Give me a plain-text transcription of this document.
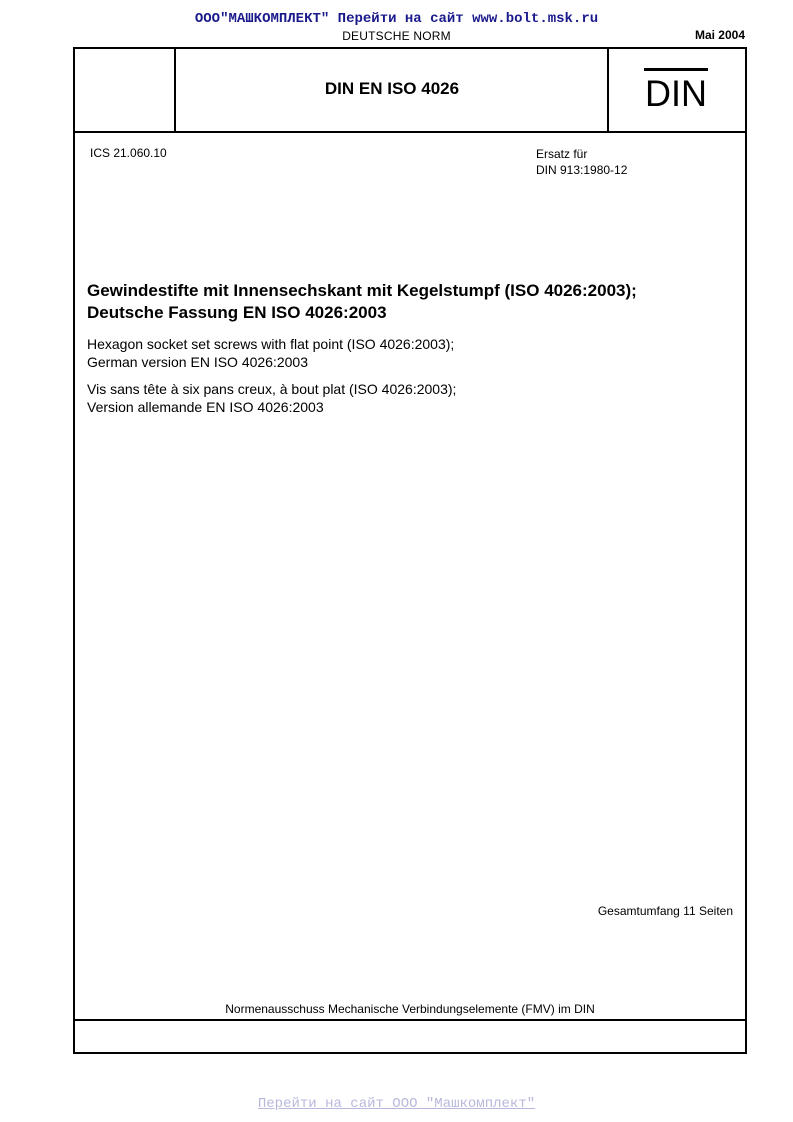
ООО"МАШКОМПЛЕКТ" Перейти на сайт www.bolt.msk.ru
DEUTSCHE NORM	Mai 2004
DIN EN ISO 4026	DIN
ICS 21.060.10	Ersatz für
DIN 913:1980-12
Gewindestifte mit Innensechskant mit Kegelstumpf (ISO 4026:2003);
Deutsche Fassung EN ISO 4026:2003
Hexagon socket set screws with flat point (ISO 4026:2003);
German version EN ISO 4026:2003
Vis sans tête à six pans creux, à bout plat (ISO 4026:2003);
Version allemande EN ISO 4026:2003
Gesamtumfang 11 Seiten
Normenausschuss Mechanische Verbindungselemente (FMV) im DIN
Перейти на сайт ООО "Машкомплект"
